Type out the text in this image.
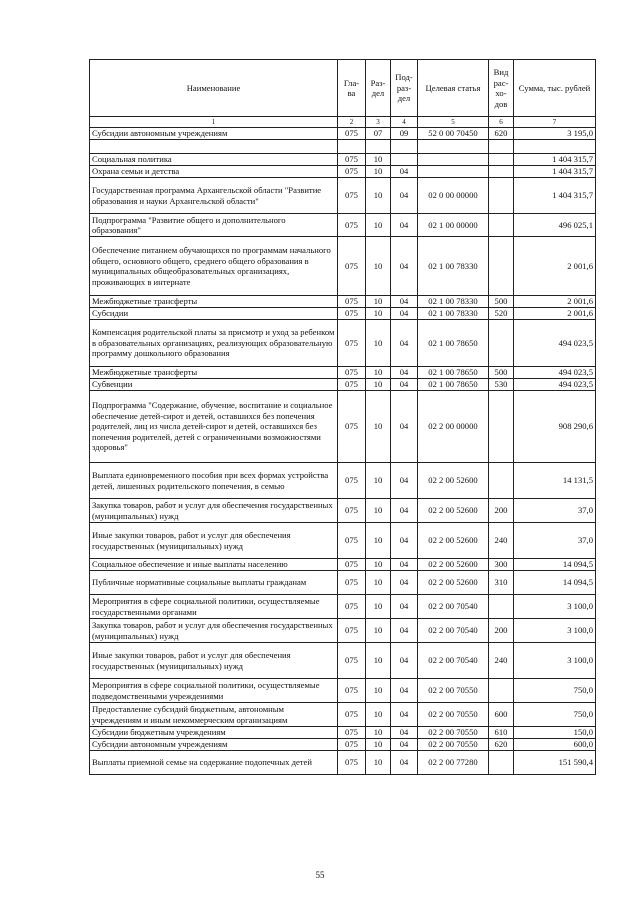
Наименование	Гла-ва	Раз-дел	Под-раз-дел	Целевая статья	Вид рас-хо-дов	Сумма, тыс. рублей
1	2	3	4	5	6	7
Субсидии автономным учреждениям	075	07	09	52 0 00 70450	620	3 195,0

Социальная политика	075	10				1 404 315,7
Охрана семьи и детства	075	10	04			1 404 315,7
Государственная программа Архангельской области "Развитие образования и науки Архангельской области"	075	10	04	02 0 00 00000		1 404 315,7
Подпрограмма "Развитие общего и дополнительного образования"	075	10	04	02 1 00 00000		496 025,1
Обеспечение питанием обучающихся по программам начального общего, основного общего, среднего общего образования в муниципальных общеобразовательных организациях, проживающих в интернате	075	10	04	02 1 00 78330		2 001,6
Межбюджетные трансферты	075	10	04	02 1 00 78330	500	2 001,6
Субсидии	075	10	04	02 1 00 78330	520	2 001,6
Компенсация родительской платы за присмотр и уход за ребенком в образовательных организациях, реализующих образовательную программу дошкольного образования	075	10	04	02 1 00 78650		494 023,5
Межбюджетные трансферты	075	10	04	02 1 00 78650	500	494 023,5
Субвенции	075	10	04	02 1 00 78650	530	494 023,5
Подпрограмма "Содержание, обучение, воспитание и социальное обеспечение детей-сирот и детей, оставшихся без попечения родителей, лиц из числа детей-сирот и детей, оставшихся без попечения родителей, детей с ограниченными возможностями здоровья"	075	10	04	02 2 00 00000		908 290,6
Выплата единовременного пособия при всех формах устройства детей, лишенных родительского попечения, в семью	075	10	04	02 2 00 52600		14 131,5
Закупка товаров, работ и услуг для обеспечения государственных (муниципальных) нужд	075	10	04	02 2 00 52600	200	37,0
Иные закупки товаров, работ и услуг для обеспечения государственных (муниципальных) нужд	075	10	04	02 2 00 52600	240	37,0
Социальное обеспечение и иные выплаты населению	075	10	04	02 2 00 52600	300	14 094,5
Публичные нормативные социальные выплаты гражданам	075	10	04	02 2 00 52600	310	14 094,5
Мероприятия в сфере социальной политики, осуществляемые государственными органами	075	10	04	02 2 00 70540		3 100,0
Закупка товаров, работ и услуг для обеспечения государственных (муниципальных) нужд	075	10	04	02 2 00 70540	200	3 100,0
Иные закупки товаров, работ и услуг для обеспечения государственных (муниципальных) нужд	075	10	04	02 2 00 70540	240	3 100,0
Мероприятия в сфере социальной политики, осуществляемые подведомственными учреждениями	075	10	04	02 2 00 70550		750,0
Предоставление субсидий бюджетным, автономным учреждениям и иным некоммерческим организациям	075	10	04	02 2 00 70550	600	750,0
Субсидии бюджетным учреждениям	075	10	04	02 2 00 70550	610	150,0
Субсидии автономным учреждениям	075	10	04	02 2 00 70550	620	600,0
Выплаты приемной семье на содержание подопечных детей	075	10	04	02 2 00 77280		151 590,4
55
